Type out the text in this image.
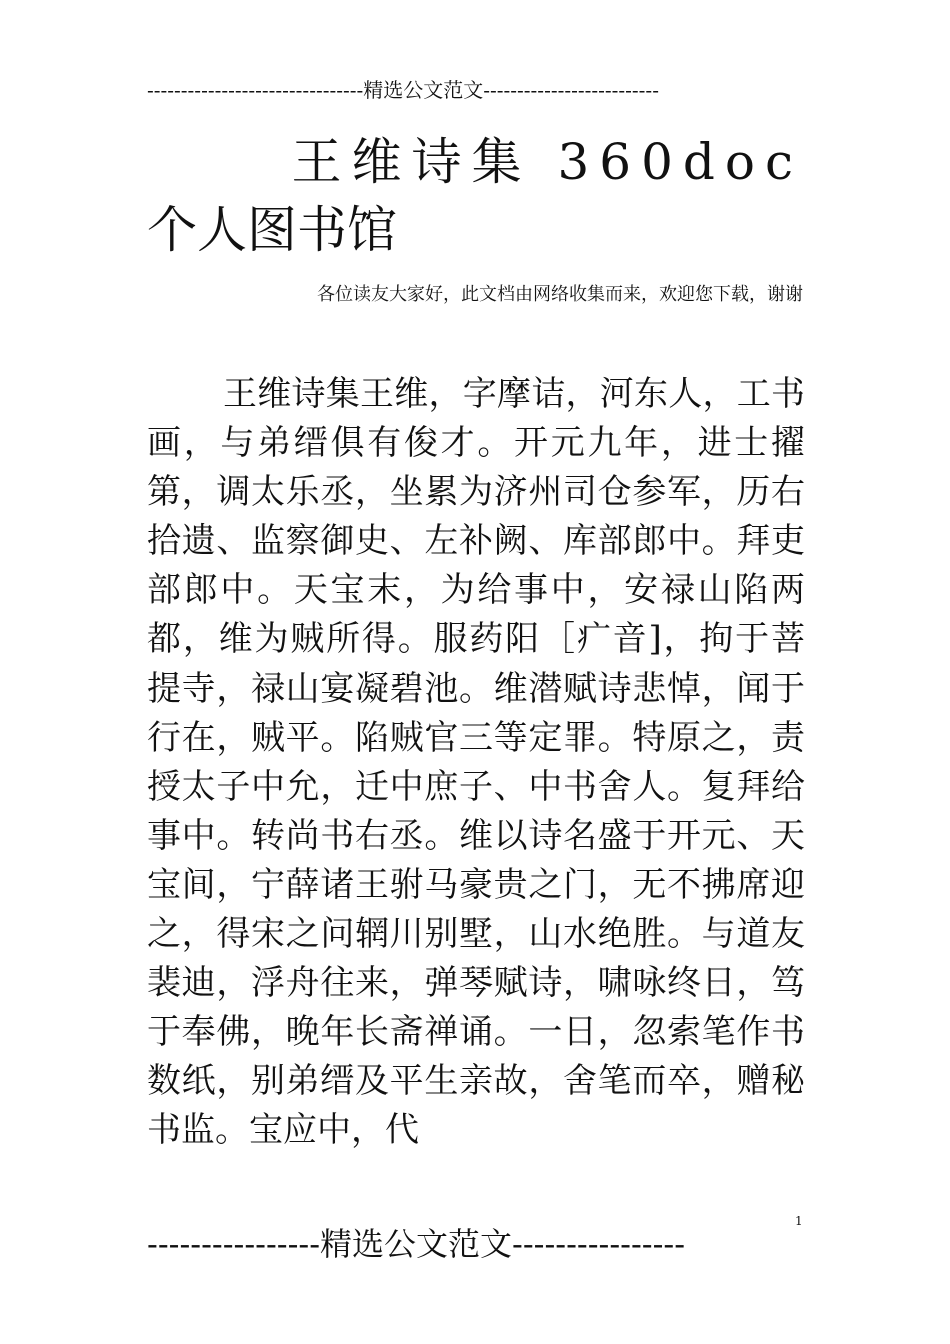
--------------------------------精选公文范文--------------------------
王维诗集 360doc
个人图书馆
各位读友大家好，此文档由网络收集而来，欢迎您下载，谢谢
王维诗集王维，字摩诘，河东人，工书画，与弟缙俱有俊才。开元九年，进士擢第，调太乐丞，坐累为济州司仓参军，历右拾遗、监察御史、左补阙、库部郎中。拜吏部郎中。天宝末，为给事中，安禄山陷两都，维为贼所得。服药阳［疒音]，拘于菩提寺，禄山宴凝碧池。维潜赋诗悲悼，闻于行在，贼平。陷贼官三等定罪。特原之，责授太子中允，迁中庶子、中书舍人。复拜给事中。转尚书右丞。维以诗名盛于开元、天宝间，宁薛诸王驸马豪贵之门，无不拂席迎之，得宋之问辋川别墅，山水绝胜。与道友裴迪，浮舟往来，弹琴赋诗，啸咏终日，笃于奉佛，晚年长斋禅诵。一日，忽索笔作书数纸，别弟缙及平生亲故，舍笔而卒，赠秘书监。宝应中，代
----------------精选公文范文----------------
1
